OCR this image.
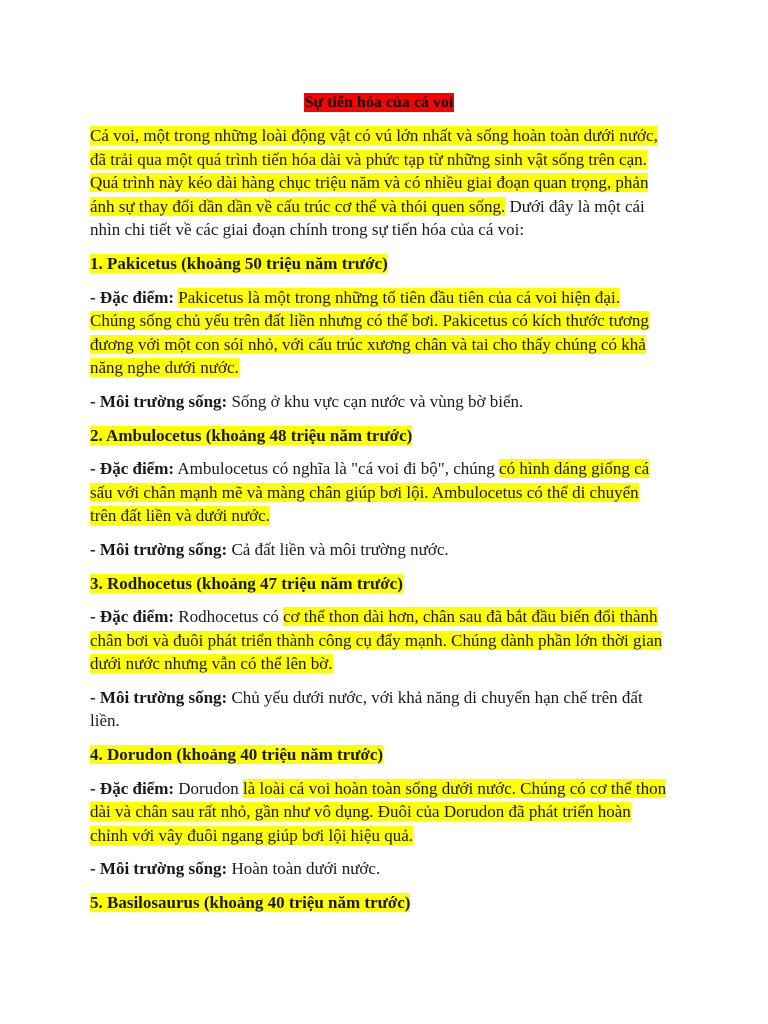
Sự tiến hóa của cá voi

Cá voi, một trong những loài động vật có vú lớn nhất và sống hoàn toàn dưới nước, đã trải qua một quá trình tiến hóa dài và phức tạp từ những sinh vật sống trên cạn. Quá trình này kéo dài hàng chục triệu năm và có nhiều giai đoạn quan trọng, phản ánh sự thay đổi dần dần về cấu trúc cơ thể và thói quen sống. Dưới đây là một cái nhìn chi tiết về các giai đoạn chính trong sự tiến hóa của cá voi:

1. Pakicetus (khoảng 50 triệu năm trước)

- Đặc điểm: Pakicetus là một trong những tổ tiên đầu tiên của cá voi hiện đại. Chúng sống chủ yếu trên đất liền nhưng có thể bơi. Pakicetus có kích thước tương đương với một con sói nhỏ, với cấu trúc xương chân và tai cho thấy chúng có khả năng nghe dưới nước.

- Môi trường sống: Sống ở khu vực cạn nước và vùng bờ biển.

2. Ambulocetus (khoảng 48 triệu năm trước)

- Đặc điểm: Ambulocetus có nghĩa là "cá voi đi bộ", chúng có hình dáng giống cá sấu với chân mạnh mẽ và màng chân giúp bơi lội. Ambulocetus có thể di chuyển trên đất liền và dưới nước.

- Môi trường sống: Cả đất liền và môi trường nước.

3. Rodhocetus (khoảng 47 triệu năm trước)

- Đặc điểm: Rodhocetus có cơ thể thon dài hơn, chân sau đã bắt đầu biến đổi thành chân bơi và đuôi phát triển thành công cụ đẩy mạnh. Chúng dành phần lớn thời gian dưới nước nhưng vẫn có thể lên bờ.

- Môi trường sống: Chủ yếu dưới nước, với khả năng di chuyển hạn chế trên đất liền.

4. Dorudon (khoảng 40 triệu năm trước)

- Đặc điểm: Dorudon là loài cá voi hoàn toàn sống dưới nước. Chúng có cơ thể thon dài và chân sau rất nhỏ, gần như vô dụng. Đuôi của Dorudon đã phát triển hoàn chỉnh với vây đuôi ngang giúp bơi lội hiệu quả.

- Môi trường sống: Hoàn toàn dưới nước.

5. Basilosaurus (khoảng 40 triệu năm trước)
